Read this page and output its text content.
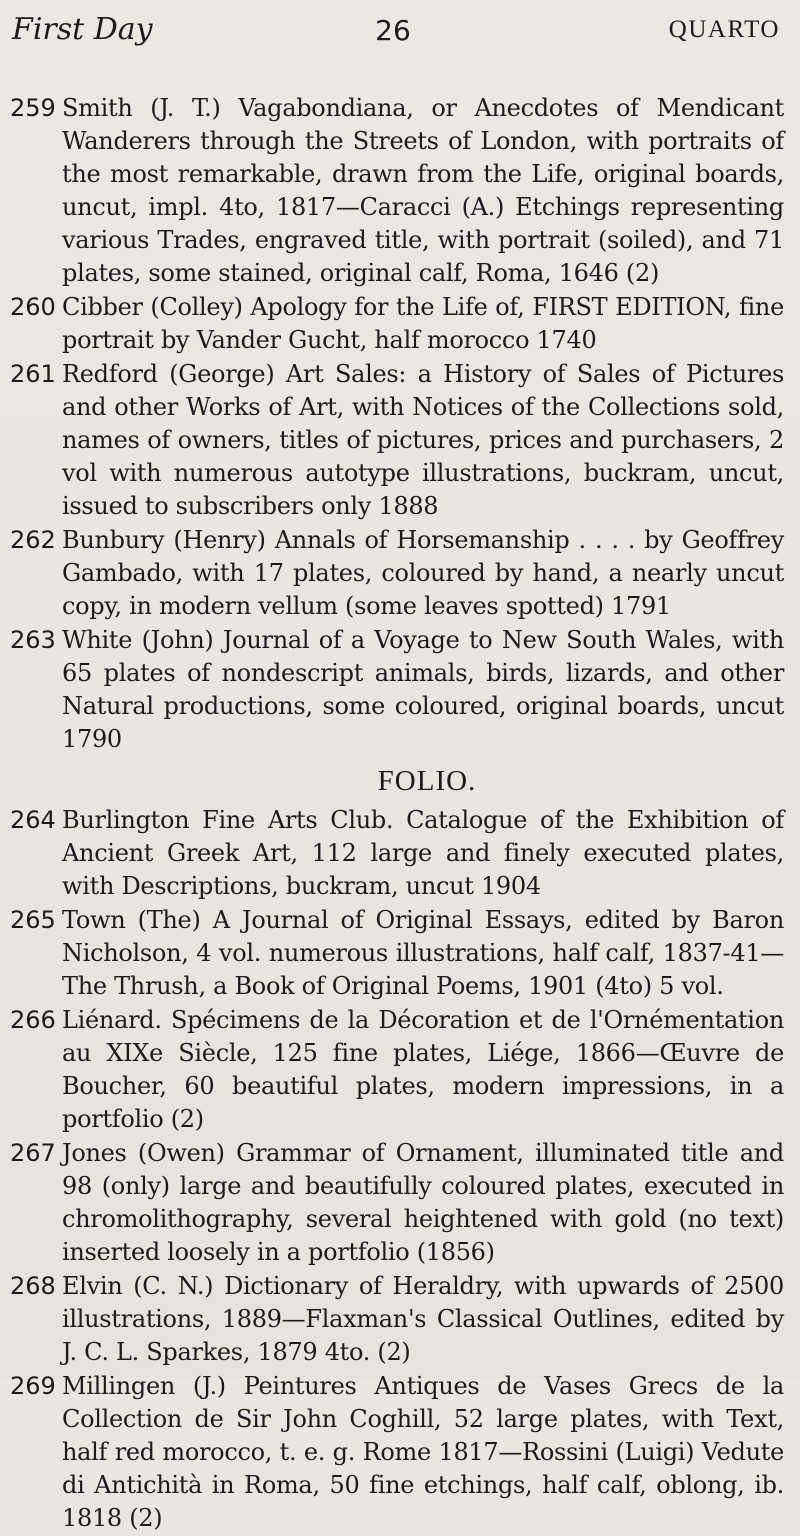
First Day	26	QUARTO
259 Smith (J. T.) Vagabondiana, or Anecdotes of Mendicant Wanderers through the Streets of London, with portraits of the most remarkable, drawn from the Life, original boards, uncut, impl. 4to, 1817—Caracci (A.) Etchings representing various Trades, engraved title, with portrait (soiled), and 71 plates, some stained, original calf, Roma, 1646 (2)
260 Cibber (Colley) Apology for the Life of, FIRST EDITION, fine portrait by Vander Gucht, half morocco 1740
261 Redford (George) Art Sales: a History of Sales of Pictures and other Works of Art, with Notices of the Collections sold, names of owners, titles of pictures, prices and purchasers, 2 vol with numerous autotype illustrations, buckram, uncut, issued to subscribers only 1888
262 Bunbury (Henry) Annals of Horsemanship . . . . by Geoffrey Gambado, with 17 plates, coloured by hand, a nearly uncut copy, in modern vellum (some leaves spotted) 1791
263 White (John) Journal of a Voyage to New South Wales, with 65 plates of nondescript animals, birds, lizards, and other Natural productions, some coloured, original boards, uncut 1790
FOLIO.
264 Burlington Fine Arts Club. Catalogue of the Exhibition of Ancient Greek Art, 112 large and finely executed plates, with Descriptions, buckram, uncut 1904
265 Town (The) A Journal of Original Essays, edited by Baron Nicholson, 4 vol. numerous illustrations, half calf, 1837-41—The Thrush, a Book of Original Poems, 1901 (4to) 5 vol.
266 Liénard. Spécimens de la Décoration et de l'Ornémentation au XIXe Siècle, 125 fine plates, Liége, 1866—Œuvre de Boucher, 60 beautiful plates, modern impressions, in a portfolio (2)
267 Jones (Owen) Grammar of Ornament, illuminated title and 98 (only) large and beautifully coloured plates, executed in chromolithography, several heightened with gold (no text) inserted loosely in a portfolio (1856)
268 Elvin (C. N.) Dictionary of Heraldry, with upwards of 2500 illustrations, 1889—Flaxman's Classical Outlines, edited by J. C. L. Sparkes, 1879 4to. (2)
269 Millingen (J.) Peintures Antiques de Vases Grecs de la Collection de Sir John Coghill, 52 large plates, with Text, half red morocco, t. e. g. Rome 1817—Rossini (Luigi) Vedute di Antichità in Roma, 50 fine etchings, half calf, oblong, ib. 1818 (2)
